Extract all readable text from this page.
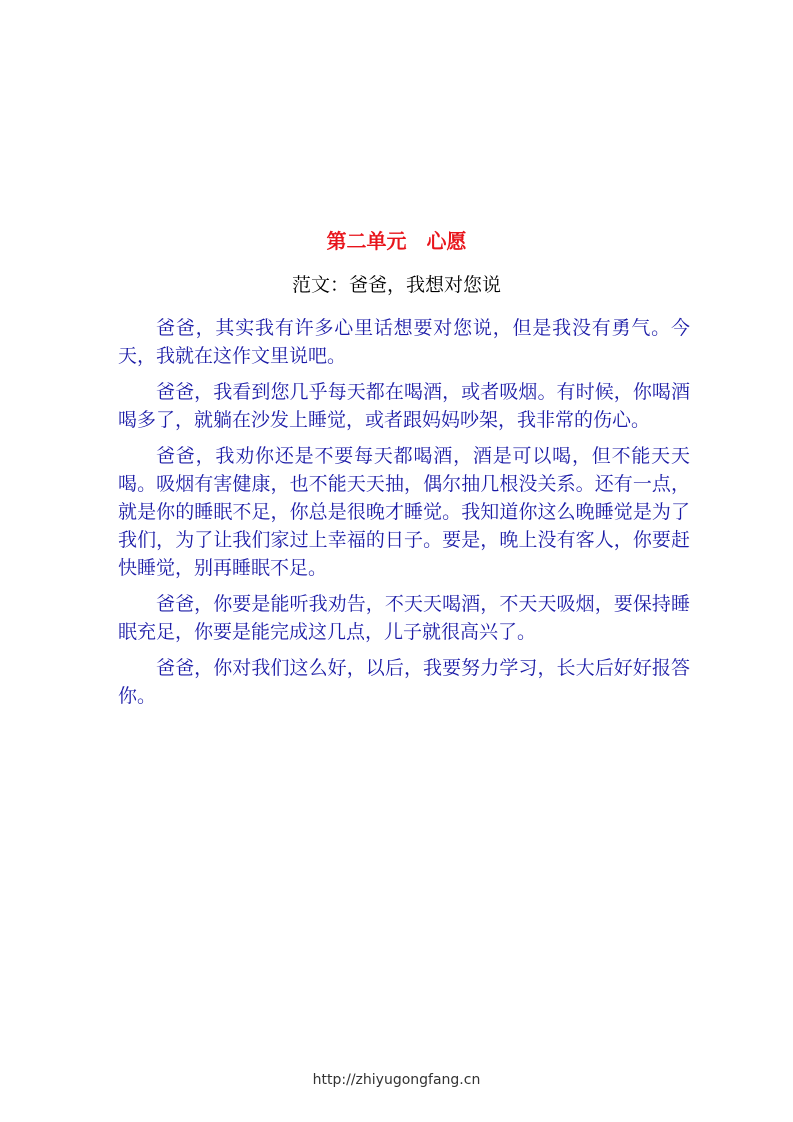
第二单元　心愿
范文：爸爸，我想对您说

爸爸，其实我有许多心里话想要对您说，但是我没有勇气。今天，我就在这作文里说吧。

爸爸，我看到您几乎每天都在喝酒，或者吸烟。有时候，你喝酒喝多了，就躺在沙发上睡觉，或者跟妈妈吵架，我非常的伤心。

爸爸，我劝你还是不要每天都喝酒，酒是可以喝，但不能天天喝。吸烟有害健康，也不能天天抽，偶尔抽几根没关系。还有一点，就是你的睡眠不足，你总是很晚才睡觉。我知道你这么晚睡觉是为了我们，为了让我们家过上幸福的日子。要是，晚上没有客人，你要赶快睡觉，别再睡眠不足。

爸爸，你要是能听我劝告，不天天喝酒，不天天吸烟，要保持睡眠充足，你要是能完成这几点，儿子就很高兴了。

爸爸，你对我们这么好，以后，我要努力学习，长大后好好报答你。

http://zhiyugongfang.cn
